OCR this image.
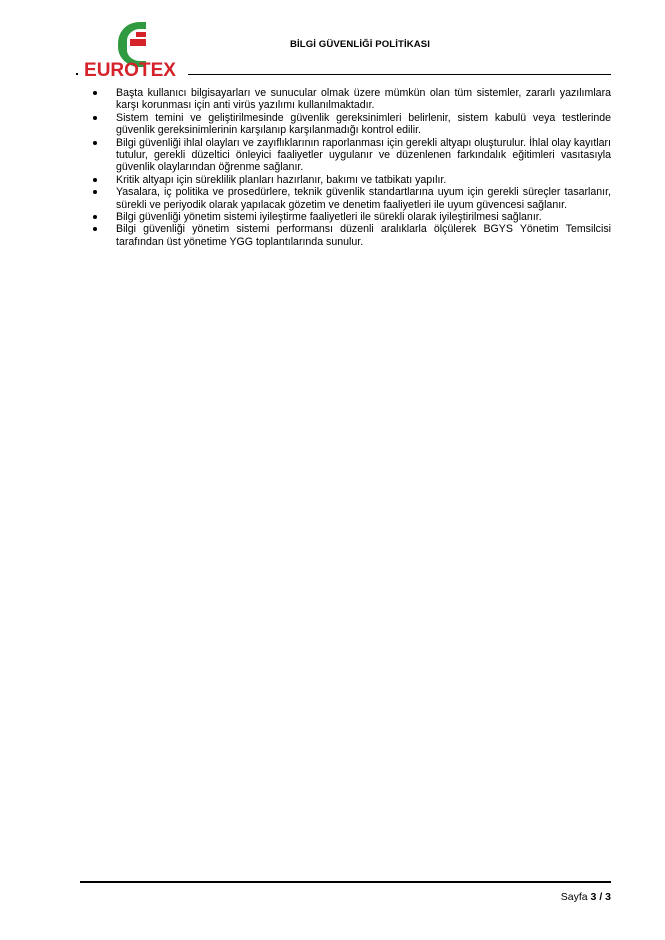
EUROTEX
BİLGİ GÜVENLİĞİ POLİTİKASI
Başta kullanıcı bilgisayarları ve sunucular olmak üzere mümkün olan tüm sistemler, zararlı yazılımlara karşı korunması için anti virüs yazılımı kullanılmaktadır.
Sistem temini ve geliştirilmesinde güvenlik gereksinimleri belirlenir, sistem kabulü veya testlerinde güvenlik gereksinimlerinin karşılanıp karşılanmadığı kontrol edilir.
Bilgi güvenliği ihlal olayları ve zayıflıklarının raporlanması için gerekli altyapı oluşturulur. İhlal olay kayıtları tutulur, gerekli düzeltici önleyici faaliyetler uygulanır ve düzenlenen farkındalık eğitimleri vasıtasıyla güvenlik olaylarından öğrenme sağlanır.
Kritik altyapı için süreklilik planları hazırlanır, bakımı ve tatbikatı yapılır.
Yasalara, iç politika ve prosedürlere, teknik güvenlik standartlarına uyum için gerekli süreçler tasarlanır, sürekli ve periyodik olarak yapılacak gözetim ve denetim faaliyetleri ile uyum güvencesi sağlanır.
Bilgi güvenliği yönetim sistemi iyileştirme faaliyetleri ile sürekli olarak iyileştirilmesi sağlanır.
Bilgi güvenliği yönetim sistemi performansı düzenli aralıklarla ölçülerek BGYS Yönetim Temsilcisi tarafından üst yönetime YGG toplantılarında sunulur.
Sayfa 3 / 3
